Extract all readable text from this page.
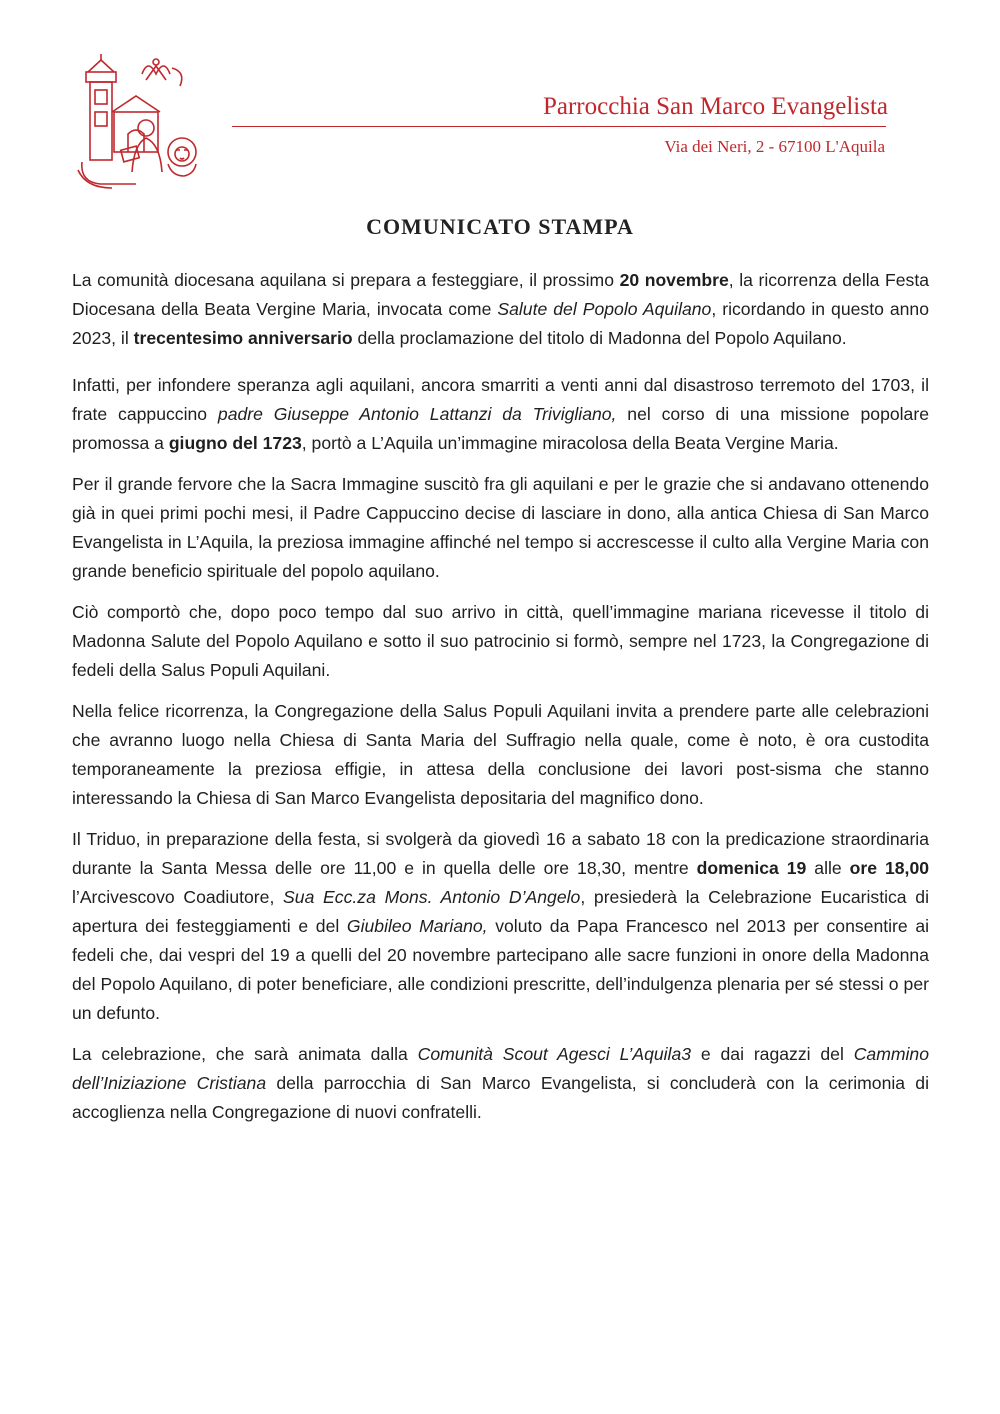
Parrocchia San Marco Evangelista
Via dei Neri, 2 - 67100 L'Aquila
COMUNICATO STAMPA

La comunità diocesana aquilana si prepara a festeggiare, il prossimo 20 novembre, la ricorrenza della Festa Diocesana della Beata Vergine Maria, invocata come Salute del Popolo Aquilano, ricordando in questo anno 2023, il trecentesimo anniversario della proclamazione del titolo di Madonna del Popolo Aquilano.

Infatti, per infondere speranza agli aquilani, ancora smarriti a venti anni dal disastroso terremoto del 1703, il frate cappuccino padre Giuseppe Antonio Lattanzi da Trivigliano, nel corso di una missione popolare promossa a giugno del 1723, portò a L’Aquila un’immagine miracolosa della Beata Vergine Maria.

Per il grande fervore che la Sacra Immagine suscitò fra gli aquilani e per le grazie che si andavano ottenendo già in quei primi pochi mesi, il Padre Cappuccino decise di lasciare in dono, alla antica Chiesa di San Marco Evangelista in L’Aquila, la preziosa immagine affinché nel tempo si accrescesse il culto alla Vergine Maria con grande beneficio spirituale del popolo aquilano.

Ciò comportò che, dopo poco tempo dal suo arrivo in città, quell’immagine mariana ricevesse il titolo di Madonna Salute del Popolo Aquilano e sotto il suo patrocinio si formò, sempre nel 1723, la Congregazione di fedeli della Salus Populi Aquilani.

Nella felice ricorrenza, la Congregazione della Salus Populi Aquilani invita a prendere parte alle celebrazioni che avranno luogo nella Chiesa di Santa Maria del Suffragio nella quale, come è noto, è ora custodita temporaneamente la preziosa effigie, in attesa della conclusione dei lavori post-sisma che stanno interessando la Chiesa di San Marco Evangelista depositaria del magnifico dono.

Il Triduo, in preparazione della festa, si svolgerà da giovedì 16 a sabato 18 con la predicazione straordinaria durante la Santa Messa delle ore 11,00 e in quella delle ore 18,30, mentre domenica 19 alle ore 18,00 l’Arcivescovo Coadiutore, Sua Ecc.za Mons. Antonio D’Angelo, presiederà la Celebrazione Eucaristica di apertura dei festeggiamenti e del Giubileo Mariano, voluto da Papa Francesco nel 2013 per consentire ai fedeli che, dai vespri del 19 a quelli del 20 novembre partecipano alle sacre funzioni in onore della Madonna del Popolo Aquilano, di poter beneficiare, alle condizioni prescritte, dell’indulgenza plenaria per sé stessi o per un defunto.

La celebrazione, che sarà animata dalla Comunità Scout Agesci L’Aquila3 e dai ragazzi del Cammino dell’Iniziazione Cristiana della parrocchia di San Marco Evangelista, si concluderà con la cerimonia di accoglienza nella Congregazione di nuovi confratelli.
